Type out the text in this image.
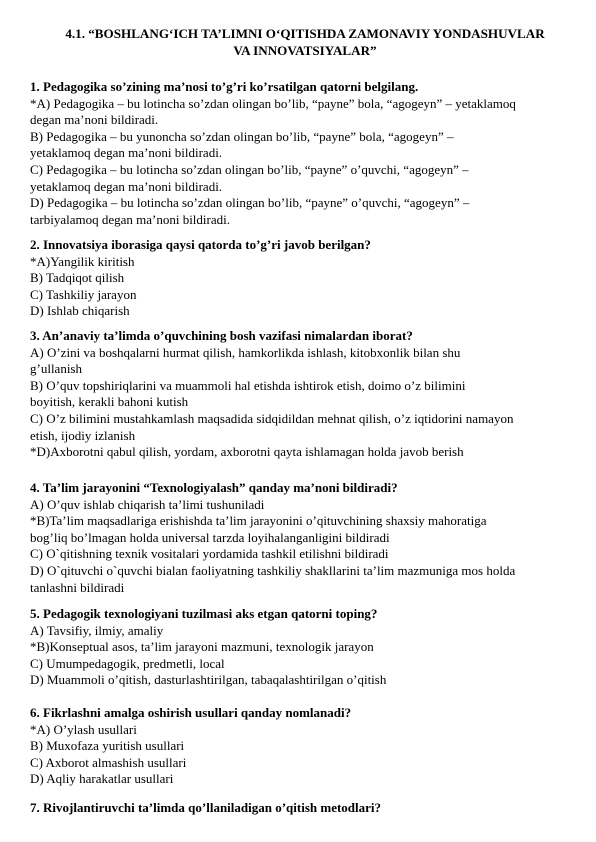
4.1. “BOSHLANG‘ICH TA’LIMNI O‘QITISHDA ZAMONAVIY YONDASHUVLAR
VA INNOVATSIYALAR”
1. Pedagogika so’zining ma’nosi to’g’ri ko’rsatilgan qatorni belgilang.
*A) Pedagogika – bu lotincha so’zdan olingan bo’lib, “payne” bola, “agogeyn” – yetaklamoq
degan ma’noni bildiradi.
B) Pedagogika – bu yunoncha so’zdan olingan bo’lib, “payne” bola, “agogeyn” –
yetaklamoq degan ma’noni bildiradi.
C) Pedagogika – bu lotincha so’zdan olingan bo’lib, “payne” o’quvchi, “agogeyn” –
yetaklamoq degan ma’noni bildiradi.
D) Pedagogika – bu lotincha so’zdan olingan bo’lib, “payne” o’quvchi, “agogeyn” –
tarbiyalamoq degan ma’noni bildiradi.
2. Innovatsiya iborasiga qaysi qatorda to’g’ri javob berilgan?
*A)Yangilik kiritish
B) Tadqiqot qilish
C) Tashkiliy jarayon
D) Ishlab chiqarish
3. An’anaviy ta’limda o’quvchining bosh vazifasi nimalardan iborat?
A) O’zini va boshqalarni hurmat qilish, hamkorlikda ishlash, kitobxonlik bilan shu
g’ullanish
B) O’quv topshiriqlarini va muammoli hal etishda ishtirok etish, doimo o’z bilimini
boyitish, kerakli bahoni kutish
C) O’z bilimini mustahkamlash maqsadida sidqidildan mehnat qilish, o’z iqtidorini namayon
etish, ijodiy izlanish
*D)Axborotni qabul qilish, yordam, axborotni qayta ishlamagan holda javob berish
4. Ta’lim jarayonini “Texnologiyalash” qanday ma’noni bildiradi?
A) O’quv ishlab chiqarish ta’limi tushuniladi
*B)Ta’lim maqsadlariga erishishda ta’lim jarayonini o’qituvchining shaxsiy mahoratiga
bog’liq bo’lmagan holda universal tarzda loyihalanganligini bildiradi
C) O`qitishning texnik vositalari yordamida tashkil etilishni bildiradi
D) O`qituvchi o`quvchi bialan faoliyatning tashkiliy shakllarini ta’lim mazmuniga mos holda
tanlashni bildiradi
5. Pedagogik texnologiyani tuzilmasi aks etgan qatorni toping?
A) Tavsifiy, ilmiy, amaliy
*B)Konseptual asos, ta’lim jarayoni mazmuni, texnologik jarayon
C) Umumpedagogik, predmetli, local
D) Muammoli o’qitish, dasturlashtirilgan, tabaqalashtirilgan o’qitish
6. Fikrlashni amalga oshirish usullari qanday nomlanadi?
*A) O’ylash usullari
B) Muxofaza yuritish usullari
C) Axborot almashish usullari
D) Aqliy harakatlar usullari
7. Rivojlantiruvchi ta’limda qo’llaniladigan o’qitish metodlari?
